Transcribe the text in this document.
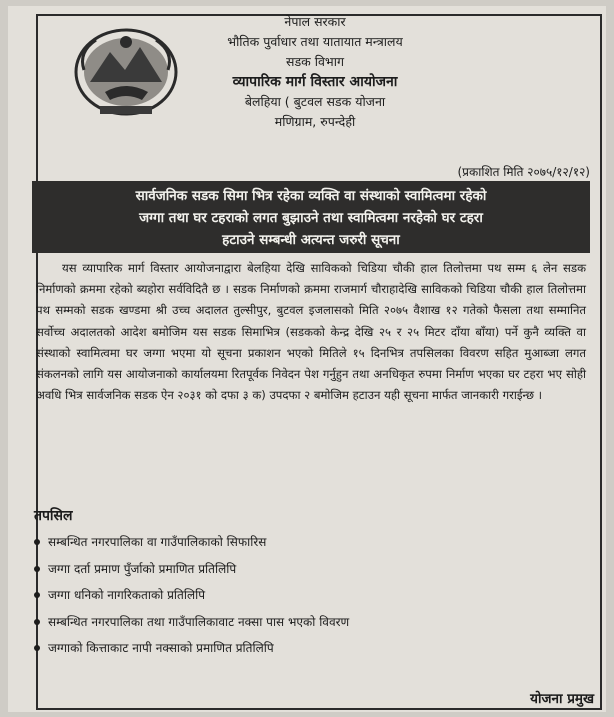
नेपाल सरकार
भौतिक पुर्वाधार तथा यातायात मन्त्रालय
सडक विभाग
व्यापारिक मार्ग विस्तार आयोजना
बेलहिया ( बुटवल सडक योजना
मणिग्राम, रुपन्देही
(प्रकाशित मिति २०७५/१२/१२)
सार्वजनिक सडक सिमा भित्र रहेका व्यक्ति वा संस्थाको स्वामित्वमा रहेको
जग्गा तथा घर टहराको लगत बुझाउने तथा स्वामित्वमा नरहेको घर टहरा
हटाउने सम्बन्धी अत्यन्त जरुरी सूचना
यस व्यापारिक मार्ग विस्तार आयोजनाद्वारा बेलहिया देखि साविकको चिडिया चौकी हाल तिलोत्तमा पथ सम्म ६ लेन सडक निर्माणको क्रममा रहेको ब्यहोरा सर्वविदितै छ । सडक निर्माणको क्रममा राजमार्ग चौराहादेखि साविकको चिडिया चौकी हाल तिलोत्तमा पथ सम्मको सडक खण्डमा श्री उच्च अदालत तुल्सीपुर, बुटवल इजलासको मिति २०७५ वैशाख १२ गतेको फैसला तथा सम्मानित सर्वोच्च अदालतको आदेश बमोजिम यस सडक सिमाभित्र (सडकको केन्द्र देखि २५ र २५ मिटर दाँया बाँया) पर्ने कुनै व्यक्ति वा संस्थाको स्वामित्वमा घर जग्गा भएमा यो सूचना प्रकाशन भएको मितिले १५ दिनभित्र तपसिलका विवरण सहित मुआब्जा लगत संकलनको लागि यस आयोजनाको कार्यालयमा रितपूर्वक निवेदन पेश गर्नुहुन तथा अनधिकृत रुपमा निर्माण भएका घर टहरा भए सोही अवधि भित्र सार्वजनिक सडक ऐन २०३१ को दफा ३ क) उपदफा २ बमोजिम हटाउन यही सूचना मार्फत जानकारी गराईन्छ ।
तपसिल
सम्बन्धित नगरपालिका वा गाउँपालिकाको सिफारिस
जग्गा दर्ता प्रमाण पुँर्जाको प्रमाणित प्रतिलिपि
जग्गा धनिको नागरिकताको प्रतिलिपि
सम्बन्धित नगरपालिका तथा गाउँपालिकावाट नक्सा पास भएको विवरण
जग्गाको कित्ताकाट नापी नक्साको प्रमाणित प्रतिलिपि
योजना प्रमुख
